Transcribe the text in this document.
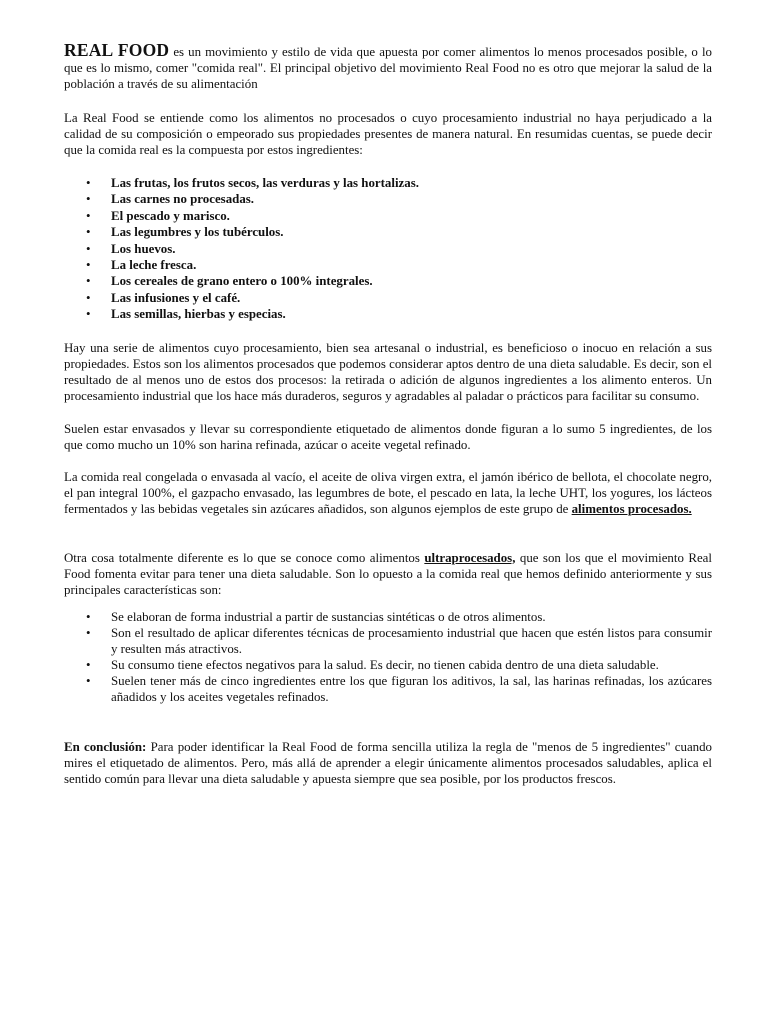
REAL FOOD es un movimiento y estilo de vida que apuesta por comer alimentos lo menos procesados posible, o lo que es lo mismo, comer "comida real". El principal objetivo del movimiento Real Food no es otro que mejorar la salud de la población a través de su alimentación

La Real Food se entiende como los alimentos no procesados o cuyo procesamiento industrial no haya perjudicado a la calidad de su composición o empeorado sus propiedades presentes de manera natural. En resumidas cuentas, se puede decir que la comida real es la compuesta por estos ingredientes:

• Las frutas, los frutos secos, las verduras y las hortalizas.
• Las carnes no procesadas.
• El pescado y marisco.
• Las legumbres y los tubérculos.
• Los huevos.
• La leche fresca.
• Los cereales de grano entero o 100% integrales.
• Las infusiones y el café.
• Las semillas, hierbas y especias.

Hay una serie de alimentos cuyo procesamiento, bien sea artesanal o industrial, es beneficioso o inocuo en relación a sus propiedades. Estos son los alimentos procesados que podemos considerar aptos dentro de una dieta saludable. Es decir, son el resultado de al menos uno de estos dos procesos: la retirada o adición de algunos ingredientes a los alimento enteros. Un procesamiento industrial que los hace más duraderos, seguros y agradables al paladar o prácticos para facilitar su consumo.

Suelen estar envasados y llevar su correspondiente etiquetado de alimentos donde figuran a lo sumo 5 ingredientes, de los que como mucho un 10% son harina refinada, azúcar o aceite vegetal refinado.

La comida real congelada o envasada al vacío, el aceite de oliva virgen extra, el jamón ibérico de bellota, el chocolate negro, el pan integral 100%, el gazpacho envasado, las legumbres de bote, el pescado en lata, la leche UHT, los yogures, los lácteos fermentados y las bebidas vegetales sin azúcares añadidos, son algunos ejemplos de este grupo de alimentos procesados.

Otra cosa totalmente diferente es lo que se conoce como alimentos ultraprocesados, que son los que el movimiento Real Food fomenta evitar para tener una dieta saludable. Son lo opuesto a la comida real que hemos definido anteriormente y sus principales características son:

• Se elaboran de forma industrial a partir de sustancias sintéticas o de otros alimentos.
• Son el resultado de aplicar diferentes técnicas de procesamiento industrial que hacen que estén listos para consumir y resulten más atractivos.
• Su consumo tiene efectos negativos para la salud. Es decir, no tienen cabida dentro de una dieta saludable.
• Suelen tener más de cinco ingredientes entre los que figuran los aditivos, la sal, las harinas refinadas, los azúcares añadidos y los aceites vegetales refinados.

En conclusión: Para poder identificar la Real Food de forma sencilla utiliza la regla de "menos de 5 ingredientes" cuando mires el etiquetado de alimentos. Pero, más allá de aprender a elegir únicamente alimentos procesados saludables, aplica el sentido común para llevar una dieta saludable y apuesta siempre que sea posible, por los productos frescos.
